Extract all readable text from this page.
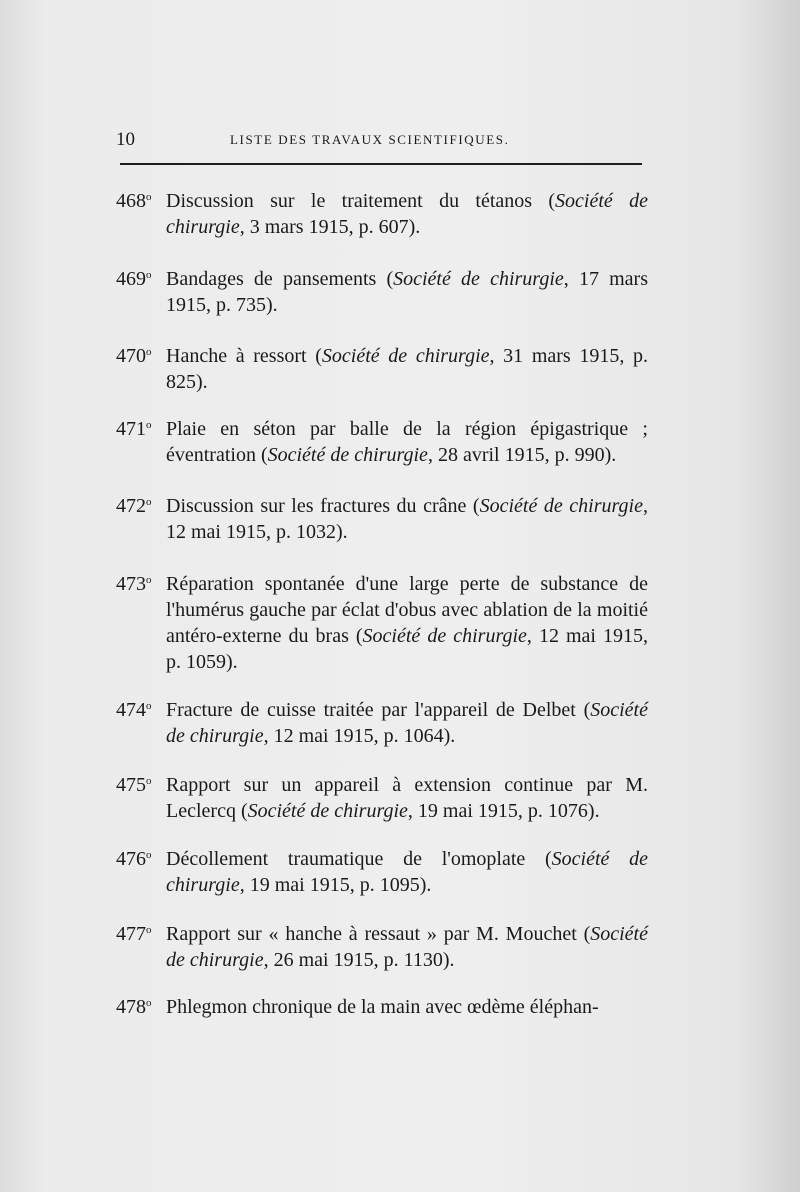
10	LISTE DES TRAVAUX SCIENTIFIQUES.
468$^o$ Discussion sur le traitement du tétanos (Société de chirurgie, 3 mars 1915, p. 607).
469$^o$ Bandages de pansements (Société de chirurgie, 17 mars 1915, p. 735).
470$^o$ Hanche à ressort (Société de chirurgie, 31 mars 1915, p. 825).
471$^o$ Plaie en séton par balle de la région épigastrique ; éventration (Société de chirurgie, 28 avril 1915, p. 990).
472$^o$ Discussion sur les fractures du crâne (Société de chirurgie, 12 mai 1915, p. 1032).
473$^o$ Réparation spontanée d'une large perte de substance de l'humérus gauche par éclat d'obus avec ablation de la moitié antéro-externe du bras (Société de chirurgie, 12 mai 1915, p. 1059).
474$^o$ Fracture de cuisse traitée par l'appareil de Delbet (Société de chirurgie, 12 mai 1915, p. 1064).
475$^o$ Rapport sur un appareil à extension continue par M. Leclercq (Société de chirurgie, 19 mai 1915, p. 1076).
476$^o$ Décollement traumatique de l'omoplate (Société de chirurgie, 19 mai 1915, p. 1095).
477$^o$ Rapport sur « hanche à ressaut » par M. Mouchet (Société de chirurgie, 26 mai 1915, p. 1130).
478$^o$ Phlegmon chronique de la main avec œdème éléphan-
